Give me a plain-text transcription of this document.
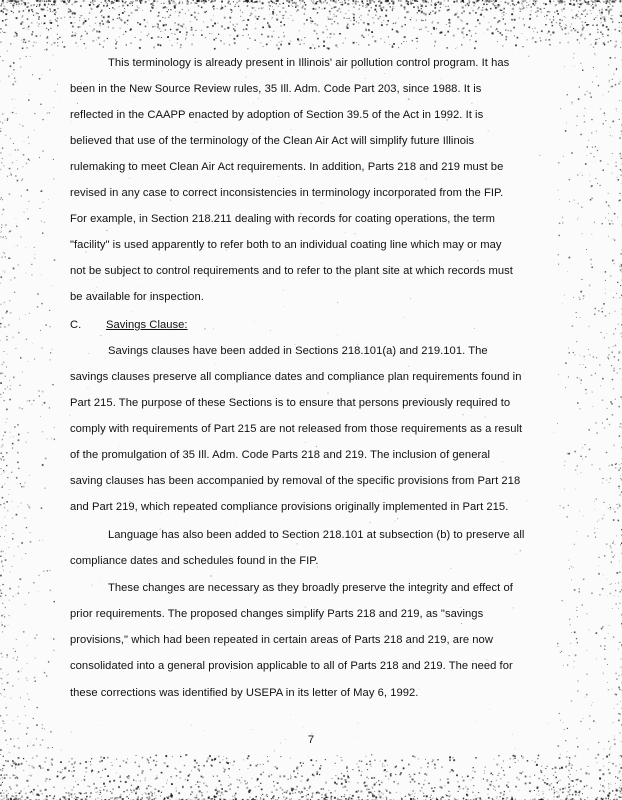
This terminology is already present in Illinois' air pollution control program. It has
been in the New Source Review rules, 35 Ill. Adm. Code Part 203, since 1988. It is
reflected in the CAAPP enacted by adoption of Section 39.5 of the Act in 1992. It is
believed that use of the terminology of the Clean Air Act will simplify future Illinois
rulemaking to meet Clean Air Act requirements. In addition, Parts 218 and 219 must be
revised in any case to correct inconsistencies in terminology incorporated from the FIP.
For example, in Section 218.211 dealing with records for coating operations, the term
"facility" is used apparently to refer both to an individual coating line which may or may
not be subject to control requirements and to refer to the plant site at which records must
be available for inspection.
C. Savings Clause:
Savings clauses have been added in Sections 218.101(a) and 219.101. The
savings clauses preserve all compliance dates and compliance plan requirements found in
Part 215. The purpose of these Sections is to ensure that persons previously required to
comply with requirements of Part 215 are not released from those requirements as a result
of the promulgation of 35 Ill. Adm. Code Parts 218 and 219. The inclusion of general
saving clauses has been accompanied by removal of the specific provisions from Part 218
and Part 219, which repeated compliance provisions originally implemented in Part 215.
Language has also been added to Section 218.101 at subsection (b) to preserve all
compliance dates and schedules found in the FIP.
These changes are necessary as they broadly preserve the integrity and effect of
prior requirements. The proposed changes simplify Parts 218 and 219, as "savings
provisions," which had been repeated in certain areas of Parts 218 and 219, are now
consolidated into a general provision applicable to all of Parts 218 and 219. The need for
these corrections was identified by USEPA in its letter of May 6, 1992.
7
